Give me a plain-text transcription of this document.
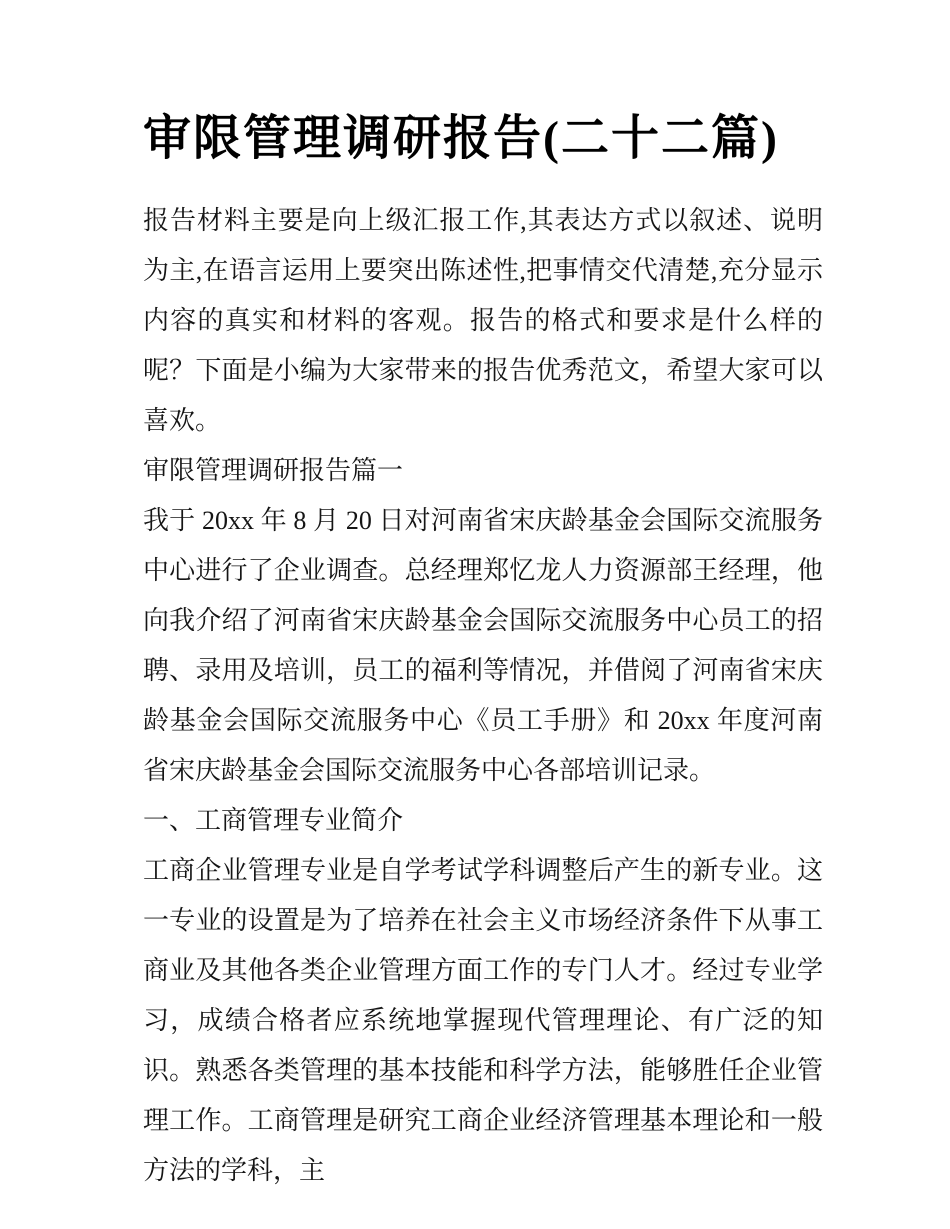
审限管理调研报告(二十二篇)

报告材料主要是向上级汇报工作,其表达方式以叙述、说明为主,在语言运用上要突出陈述性,把事情交代清楚,充分显示内容的真实和材料的客观。报告的格式和要求是什么样的呢？下面是小编为大家带来的报告优秀范文，希望大家可以喜欢。

审限管理调研报告篇一

我于 20xx 年 8 月 20 日对河南省宋庆龄基金会国际交流服务中心进行了企业调查。总经理郑忆龙人力资源部王经理，他向我介绍了河南省宋庆龄基金会国际交流服务中心员工的招聘、录用及培训，员工的福利等情况，并借阅了河南省宋庆龄基金会国际交流服务中心《员工手册》和 20xx 年度河南省宋庆龄基金会国际交流服务中心各部培训记录。

一、工商管理专业简介

工商企业管理专业是自学考试学科调整后产生的新专业。这一专业的设置是为了培养在社会主义市场经济条件下从事工商业及其他各类企业管理方面工作的专门人才。经过专业学习，成绩合格者应系统地掌握现代管理理论、有广泛的知识。熟悉各类管理的基本技能和科学方法，能够胜任企业管理工作。工商管理是研究工商企业经济管理基本理论和一般方法的学科，主
